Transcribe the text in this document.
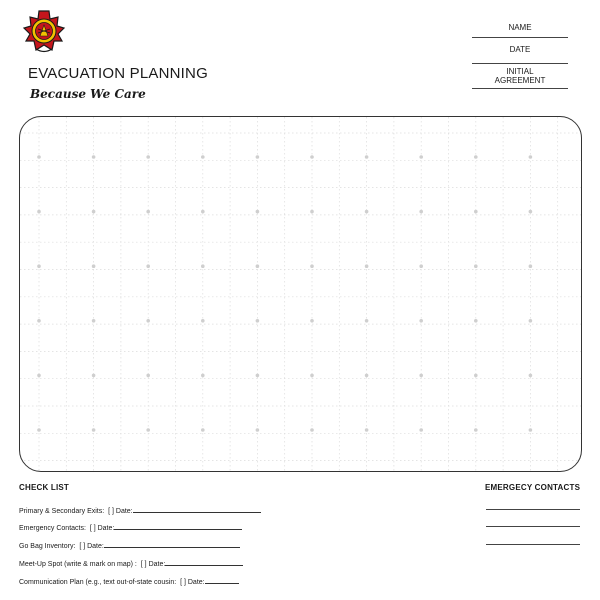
EVACUATION PLANNING
Because We Care
NAME
DATE
INITIAL
AGREEMENT
CHECK LIST
Primary & Secondary Exits: [ ] Date:
Emergency Contacts: [ ] Date:
Go Bag Inventory: [ ] Date:
Meet-Up Spot (write & mark on map) : [ ] Date:
Communication Plan (e.g., text out-of-state cousin: [ ] Date:
EMERGECY CONTACTS
